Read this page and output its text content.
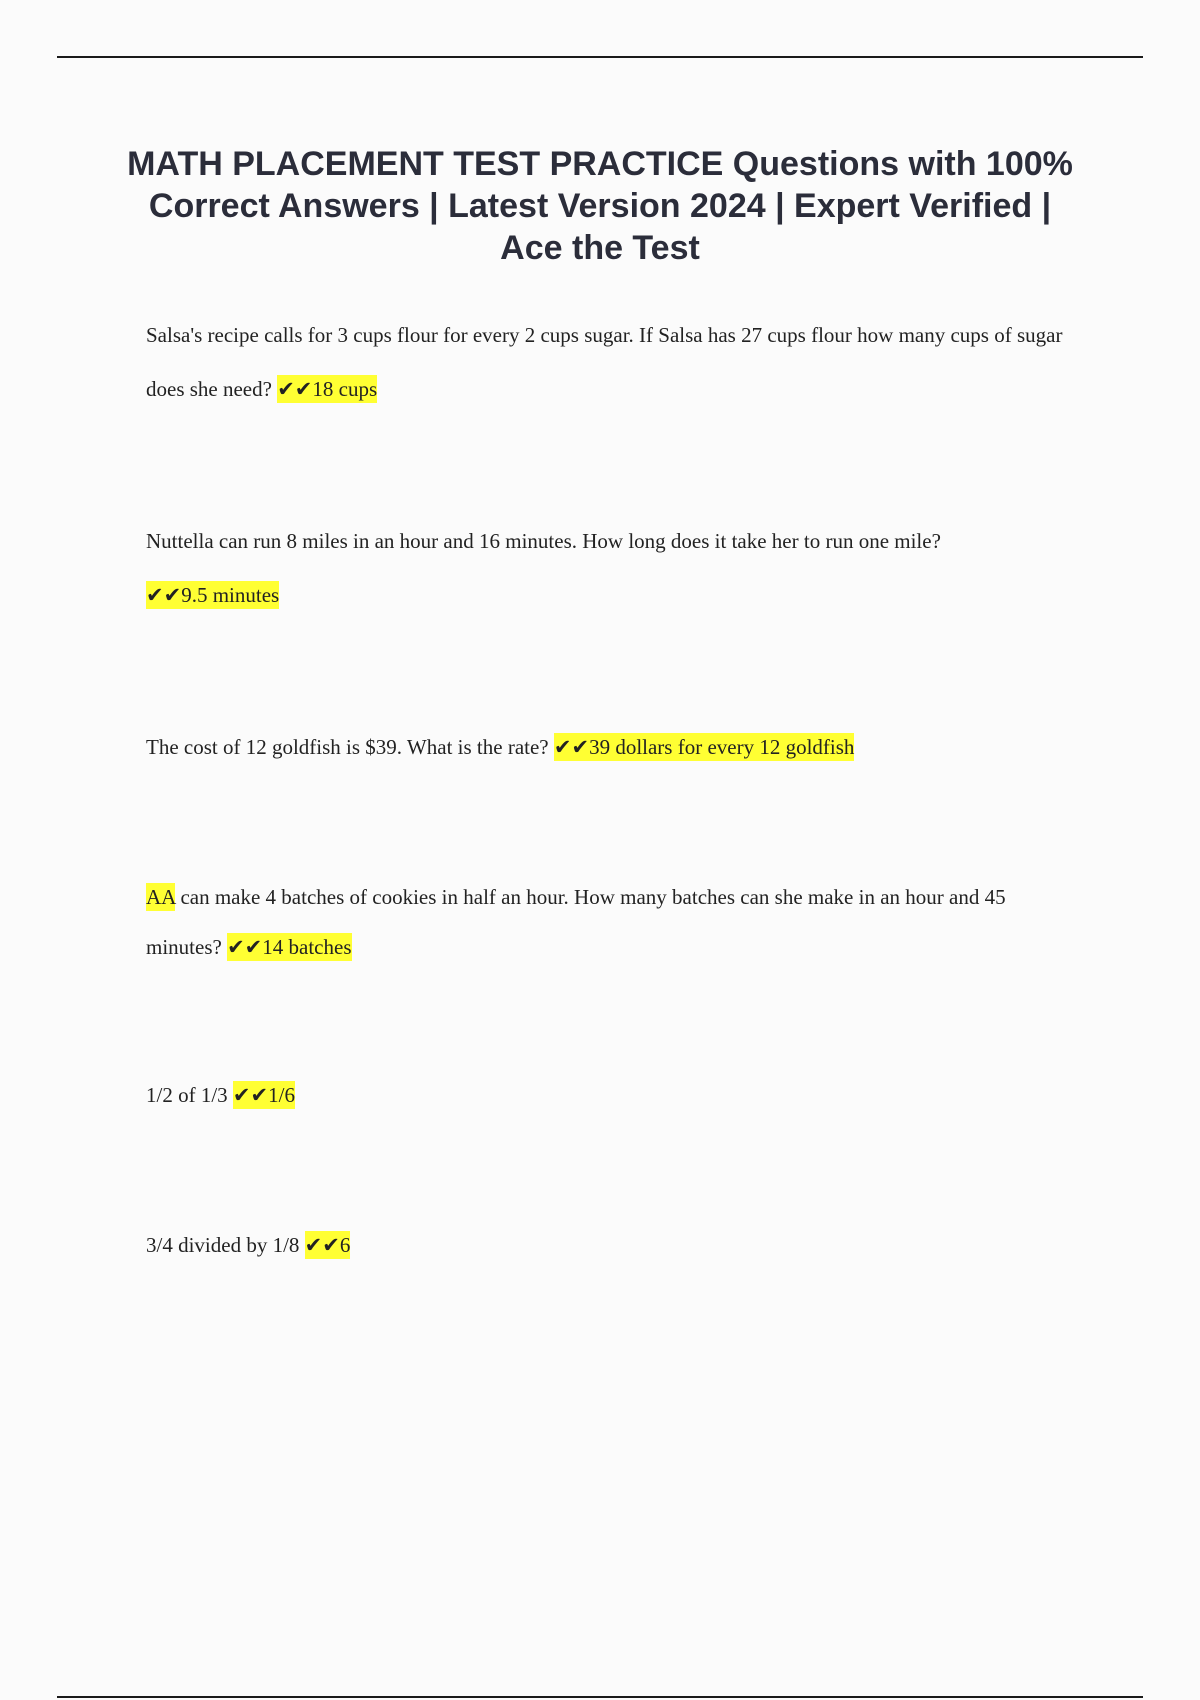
MATH PLACEMENT TEST PRACTICE Questions with 100% Correct Answers | Latest Version 2024 | Expert Verified | Ace the Test

Salsa's recipe calls for 3 cups flour for every 2 cups sugar. If Salsa has 27 cups flour how many cups of sugar does she need? ✔✔18 cups

Nuttella can run 8 miles in an hour and 16 minutes. How long does it take her to run one mile? ✔✔9.5 minutes

The cost of 12 goldfish is $39. What is the rate? ✔✔39 dollars for every 12 goldfish

AA can make 4 batches of cookies in half an hour. How many batches can she make in an hour and 45 minutes? ✔✔14 batches

1/2 of 1/3 ✔✔1/6

3/4 divided by 1/8 ✔✔6
